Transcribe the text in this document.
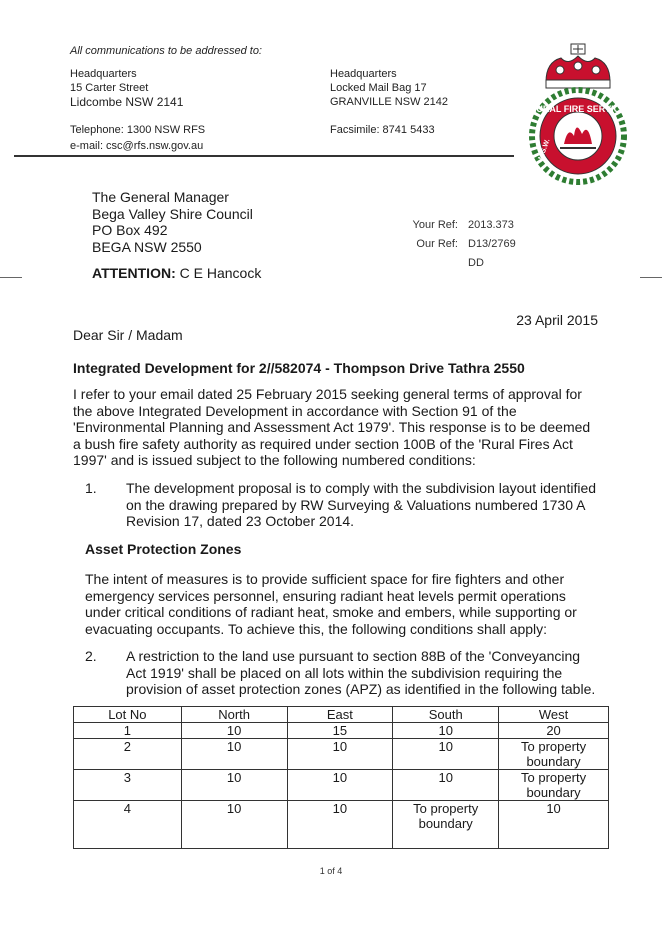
All communications to be addressed to:
Headquarters
15 Carter Street
Lidcombe NSW 2141
Telephone: 1300 NSW RFS
e-mail: csc@rfs.nsw.gov.au
Headquarters
Locked Mail Bag 17
GRANVILLE NSW 2142
Facsimile: 8741 5433
RURAL FIRE SERVICE
N.S.W.
The General Manager
Bega Valley Shire Council
PO Box 492
BEGA NSW 2550
ATTENTION: C E Hancock
Your Ref: 2013.373
Our Ref: D13/2769
DD
23 April 2015
Dear Sir / Madam
Integrated Development for 2//582074 - Thompson Drive Tathra 2550
I refer to your email dated 25 February 2015 seeking general terms of approval for the above Integrated Development in accordance with Section 91 of the 'Environmental Planning and Assessment Act 1979'. This response is to be deemed a bush fire safety authority as required under section 100B of the 'Rural Fires Act 1997' and is issued subject to the following numbered conditions:
1. The development proposal is to comply with the subdivision layout identified on the drawing prepared by RW Surveying & Valuations numbered 1730 A Revision 17, dated 23 October 2014.
Asset Protection Zones
The intent of measures is to provide sufficient space for fire fighters and other emergency services personnel, ensuring radiant heat levels permit operations under critical conditions of radiant heat, smoke and embers, while supporting or evacuating occupants. To achieve this, the following conditions shall apply:
2. A restriction to the land use pursuant to section 88B of the 'Conveyancing Act 1919' shall be placed on all lots within the subdivision requiring the provision of asset protection zones (APZ) as identified in the following table.
Lot No	North	East	South	West
1	10	15	10	20
2	10	10	10	To property boundary
3	10	10	10	To property boundary
4	10	10	To property boundary	10
1 of 4
